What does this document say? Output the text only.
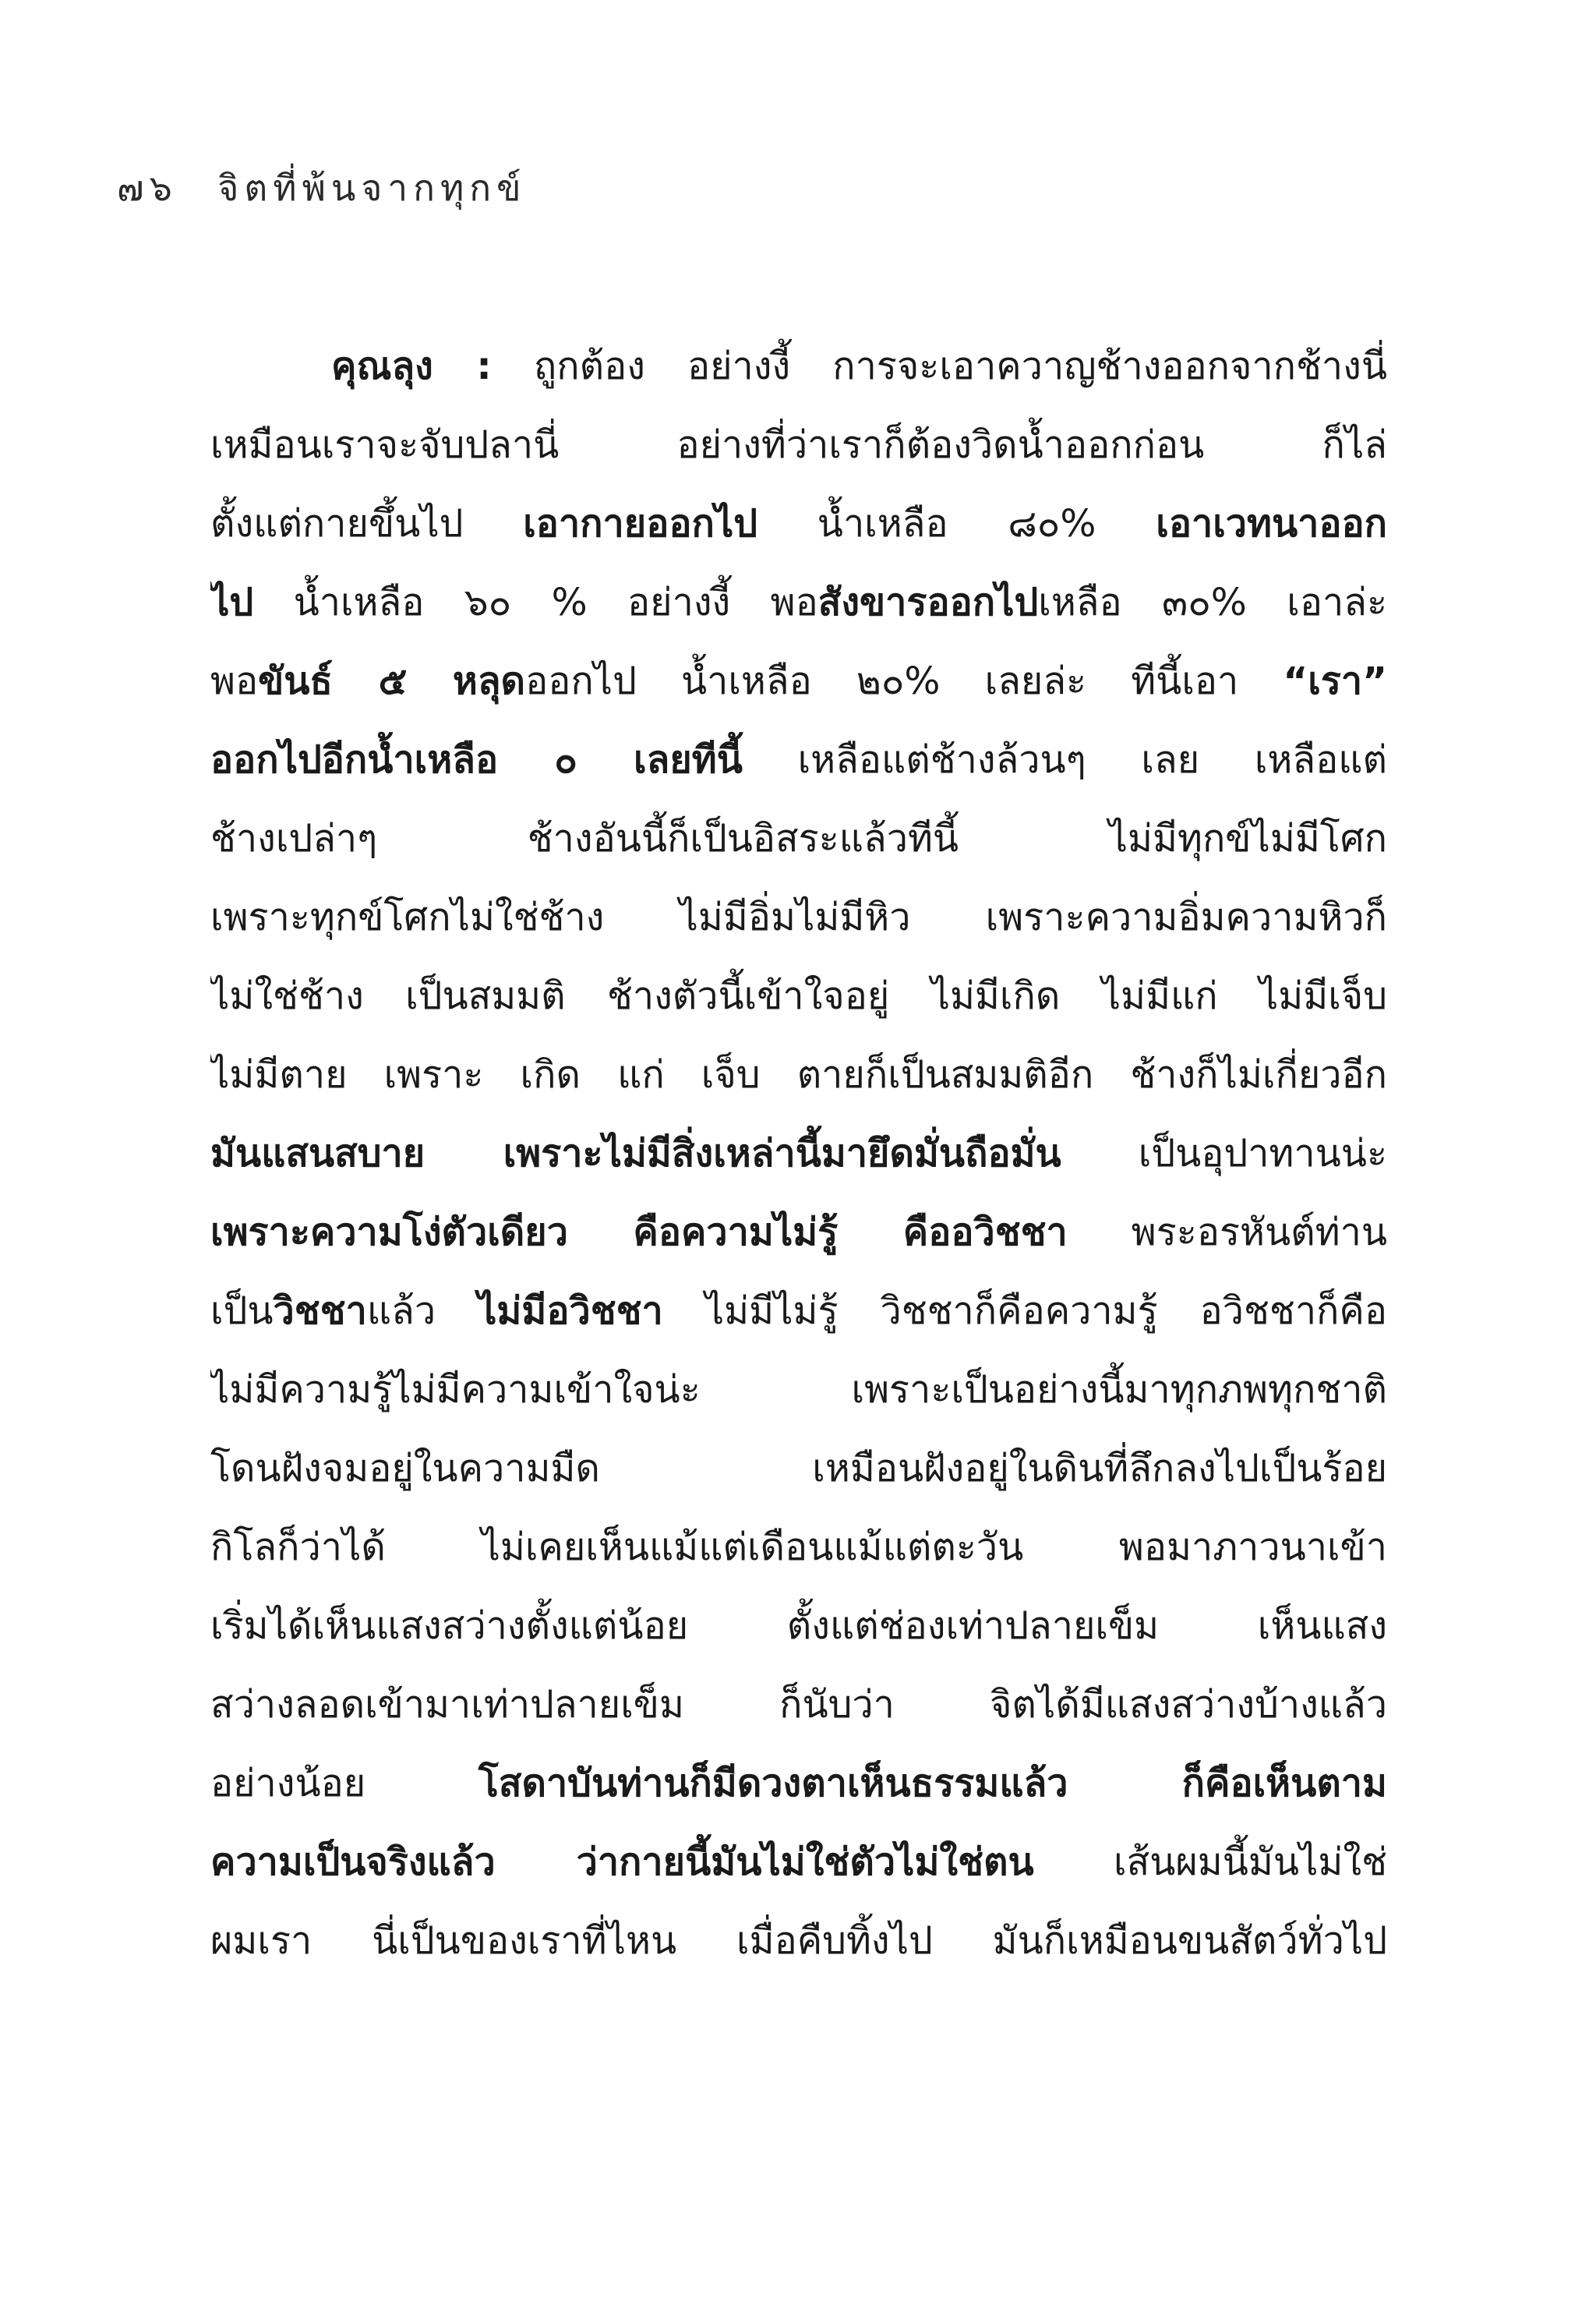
๗๖ จิตที่พ้นจากทุกข์
คุณลุง : ถูกต้อง อย่างงี้ การจะเอาควาญช้างออกจากช้างนี่
เหมือนเราจะจับปลานี่ อย่างที่ว่าเราก็ต้องวิดน้ำออกก่อน ก็ไล่
ตั้งแต่กายขึ้นไป เอากายออกไป น้ำเหลือ ๘๐% เอาเวทนาออก
ไป น้ำเหลือ ๖๐ % อย่างงี้ พอสังขารออกไปเหลือ ๓๐% เอาล่ะ
พอขันธ์ ๕ หลุดออกไป น้ำเหลือ ๒๐% เลยล่ะ ทีนี้เอา “เรา”
ออกไปอีกน้ำเหลือ ๐ เลยทีนี้ เหลือแต่ช้างล้วนๆ เลย เหลือแต่
ช้างเปล่าๆ ช้างอันนี้ก็เป็นอิสระแล้วทีนี้ ไม่มีทุกข์ไม่มีโศก
เพราะทุกข์โศกไม่ใช่ช้าง ไม่มีอิ่มไม่มีหิว เพราะความอิ่มความหิวก็
ไม่ใช่ช้าง เป็นสมมติ ช้างตัวนี้เข้าใจอยู่ ไม่มีเกิด ไม่มีแก่ ไม่มีเจ็บ
ไม่มีตาย เพราะ เกิด แก่ เจ็บ ตายก็เป็นสมมติอีก ช้างก็ไม่เกี่ยวอีก
มันแสนสบาย เพราะไม่มีสิ่งเหล่านี้มายึดมั่นถือมั่น เป็นอุปาทานน่ะ
เพราะความโง่ตัวเดียว คือความไม่รู้ คืออวิชชา พระอรหันต์ท่าน
เป็นวิชชาแล้ว ไม่มีอวิชชา ไม่มีไม่รู้ วิชชาก็คือความรู้ อวิชชาก็คือ
ไม่มีความรู้ไม่มีความเข้าใจน่ะ เพราะเป็นอย่างนี้มาทุกภพทุกชาติ
โดนฝังจมอยู่ในความมืด เหมือนฝังอยู่ในดินที่ลึกลงไปเป็นร้อย
กิโลก็ว่าได้ ไม่เคยเห็นแม้แต่เดือนแม้แต่ตะวัน พอมาภาวนาเข้า
เริ่มได้เห็นแสงสว่างตั้งแต่น้อย ตั้งแต่ช่องเท่าปลายเข็ม เห็นแสง
สว่างลอดเข้ามาเท่าปลายเข็ม ก็นับว่า จิตได้มีแสงสว่างบ้างแล้ว
อย่างน้อย โสดาบันท่านก็มีดวงตาเห็นธรรมแล้ว ก็คือเห็นตาม
ความเป็นจริงแล้ว ว่ากายนี้มันไม่ใช่ตัวไม่ใช่ตน เส้นผมนี้มันไม่ใช่
ผมเรา นี่เป็นของเราที่ไหน เมื่อคืบทิ้งไป มันก็เหมือนขนสัตว์ทั่วไป
